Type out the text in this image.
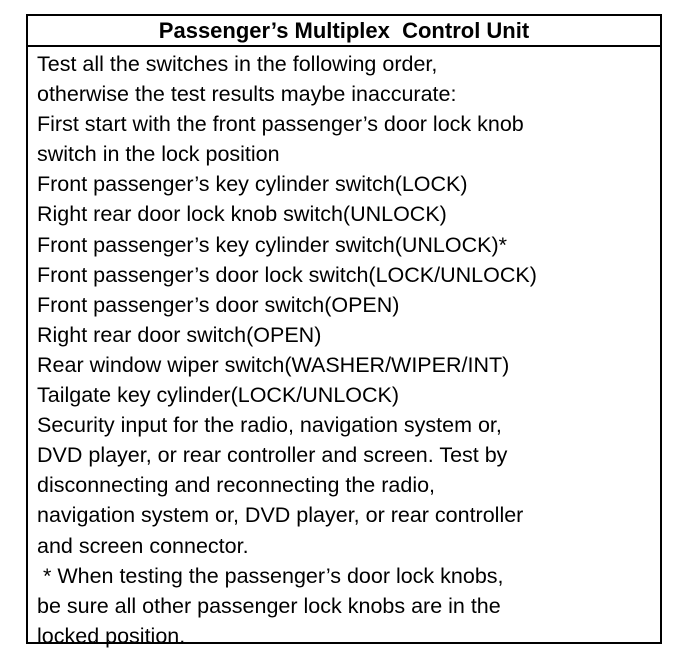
Passenger’s Multiplex  Control Unit
Test all the switches in the following order,
otherwise the test results maybe inaccurate:
First start with the front passenger’s door lock knob
switch in the lock position
Front passenger’s key cylinder switch(LOCK)
Right rear door lock knob switch(UNLOCK)
Front passenger’s key cylinder switch(UNLOCK)*
Front passenger’s door lock switch(LOCK/UNLOCK)
Front passenger’s door switch(OPEN)
Right rear door switch(OPEN)
Rear window wiper switch(WASHER/WIPER/INT)
Tailgate key cylinder(LOCK/UNLOCK)
Security input for the radio, navigation system or,
DVD player, or rear controller and screen. Test by
disconnecting and reconnecting the radio,
navigation system or, DVD player, or rear controller
and screen connector.
* When testing the passenger’s door lock knobs,
be sure all other passenger lock knobs are in the
locked position.
